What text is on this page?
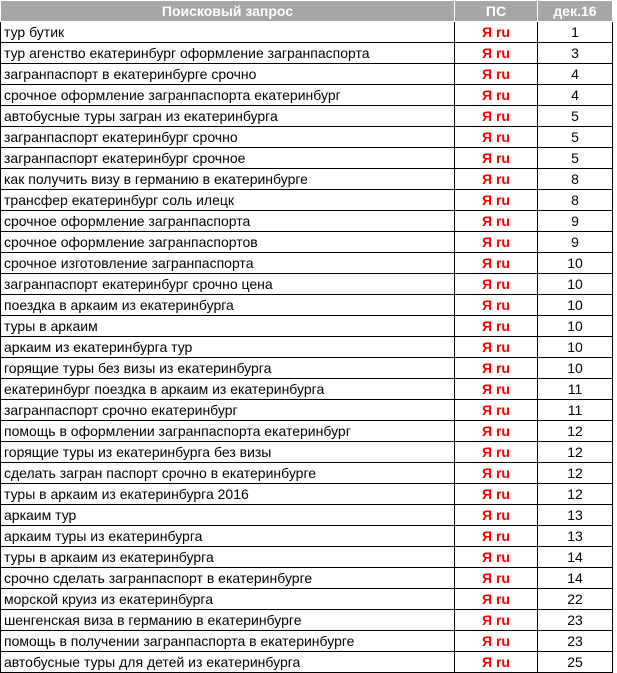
Поисковый запрос	ПС	дек.16
тур бутик	Я ru	1
тур агенство екатеринбург оформление загранпаспорта	Я ru	3
загранпаспорт в екатеринбурге срочно	Я ru	4
срочное оформление загранпаспорта екатеринбург	Я ru	4
автобусные туры загран из екатеринбурга	Я ru	5
загранпаспорт екатеринбург срочно	Я ru	5
загранпаспорт екатеринбург срочное	Я ru	5
как получить визу в германию в екатеринбурге	Я ru	8
трансфер екатеринбург соль илецк	Я ru	8
срочное оформление загранпаспорта	Я ru	9
срочное оформление загранпаспортов	Я ru	9
срочное изготовление загранпаспорта	Я ru	10
загранпаспорт екатеринбург срочно цена	Я ru	10
поездка в аркаим из екатеринбурга	Я ru	10
туры в аркаим	Я ru	10
аркаим из екатеринбурга тур	Я ru	10
горящие туры без визы из екатеринбурга	Я ru	10
екатеринбург поездка в аркаим из екатеринбурга	Я ru	11
загранпаспорт срочно екатеринбург	Я ru	11
помощь в оформлении загранпаспорта екатеринбург	Я ru	12
горящие туры из екатеринбурга без визы	Я ru	12
сделать загран паспорт срочно в екатеринбурге	Я ru	12
туры в аркаим из екатеринбурга 2016	Я ru	12
аркаим тур	Я ru	13
аркаим туры из екатеринбурга	Я ru	13
туры в аркаим из екатеринбурга	Я ru	14
срочно сделать загранпаспорт в екатеринбурге	Я ru	14
морской круиз из екатеринбурга	Я ru	22
шенгенская виза в германию в екатеринбурге	Я ru	23
помощь в получении загранпаспорта в екатеринбурге	Я ru	23
автобусные туры для детей из екатеринбурга	Я ru	25
